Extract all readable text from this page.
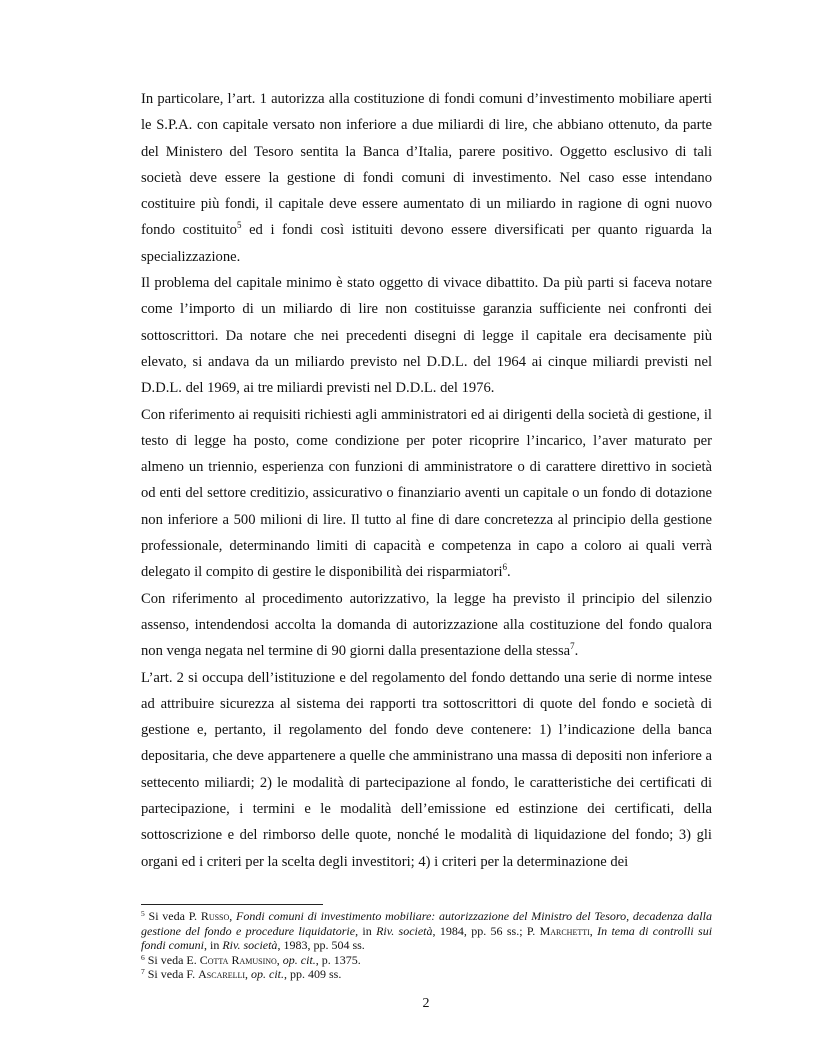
In particolare, l’art. 1 autorizza alla costituzione di fondi comuni d’investimento mobiliare aperti le S.P.A. con capitale versato non inferiore a due miliardi di lire, che abbiano ottenuto, da parte del Ministero del Tesoro sentita la Banca d’Italia, parere positivo. Oggetto esclusivo di tali società deve essere la gestione di fondi comuni di investimento. Nel caso esse intendano costituire più fondi, il capitale deve essere aumentato di un miliardo in ragione di ogni nuovo fondo costituito$^5$ ed i fondi così istituiti devono essere diversificati per quanto riguarda la specializzazione.

Il problema del capitale minimo è stato oggetto di vivace dibattito. Da più parti si faceva notare come l’importo di un miliardo di lire non costituisse garanzia sufficiente nei confronti dei sottoscrittori. Da notare che nei precedenti disegni di legge il capitale era decisamente più elevato, si andava da un miliardo previsto nel D.D.L. del 1964 ai cinque miliardi previsti nel D.D.L. del 1969, ai tre miliardi previsti nel D.D.L. del 1976.

Con riferimento ai requisiti richiesti agli amministratori ed ai dirigenti della società di gestione, il testo di legge ha posto, come condizione per poter ricoprire l’incarico, l’aver maturato per almeno un triennio, esperienza con funzioni di amministratore o di carattere direttivo in società od enti del settore creditizio, assicurativo o finanziario aventi un capitale o un fondo di dotazione non inferiore a 500 milioni di lire. Il tutto al fine di dare concretezza al principio della gestione professionale, determinando limiti di capacità e competenza in capo a coloro ai quali verrà delegato il compito di gestire le disponibilità dei risparmiatori$^6$.

Con riferimento al procedimento autorizzativo, la legge ha previsto il principio del silenzio assenso, intendendosi accolta la domanda di autorizzazione alla costituzione del fondo qualora non venga negata nel termine di 90 giorni dalla presentazione della stessa$^7$.

L’art. 2 si occupa dell’istituzione e del regolamento del fondo dettando una serie di norme intese ad attribuire sicurezza al sistema dei rapporti tra sottoscrittori di quote del fondo e società di gestione e, pertanto, il regolamento del fondo deve contenere: 1) l’indicazione della banca depositaria, che deve appartenere a quelle che amministrano una massa di depositi non inferiore a settecento miliardi; 2) le modalità di partecipazione al fondo, le caratteristiche dei certificati di partecipazione, i termini e le modalità dell’emissione ed estinzione dei certificati, della sottoscrizione e del rimborso delle quote, nonché le modalità di liquidazione del fondo; 3) gli organi ed i criteri per la scelta degli investitori; 4) i criteri per la determinazione dei

$^5$ Si veda P. Russo, Fondi comuni di investimento mobiliare: autorizzazione del Ministro del Tesoro, decadenza dalla gestione del fondo e procedure liquidatorie, in Riv. società, 1984, pp. 56 ss.; P. Marchetti, In tema di controlli sui fondi comuni, in Riv. società, 1983, pp. 504 ss.

$^6$ Si veda E. Cotta Ramusino, op. cit., p. 1375.

$^7$ Si veda F. Ascarelli, op. cit., pp. 409 ss.

2
